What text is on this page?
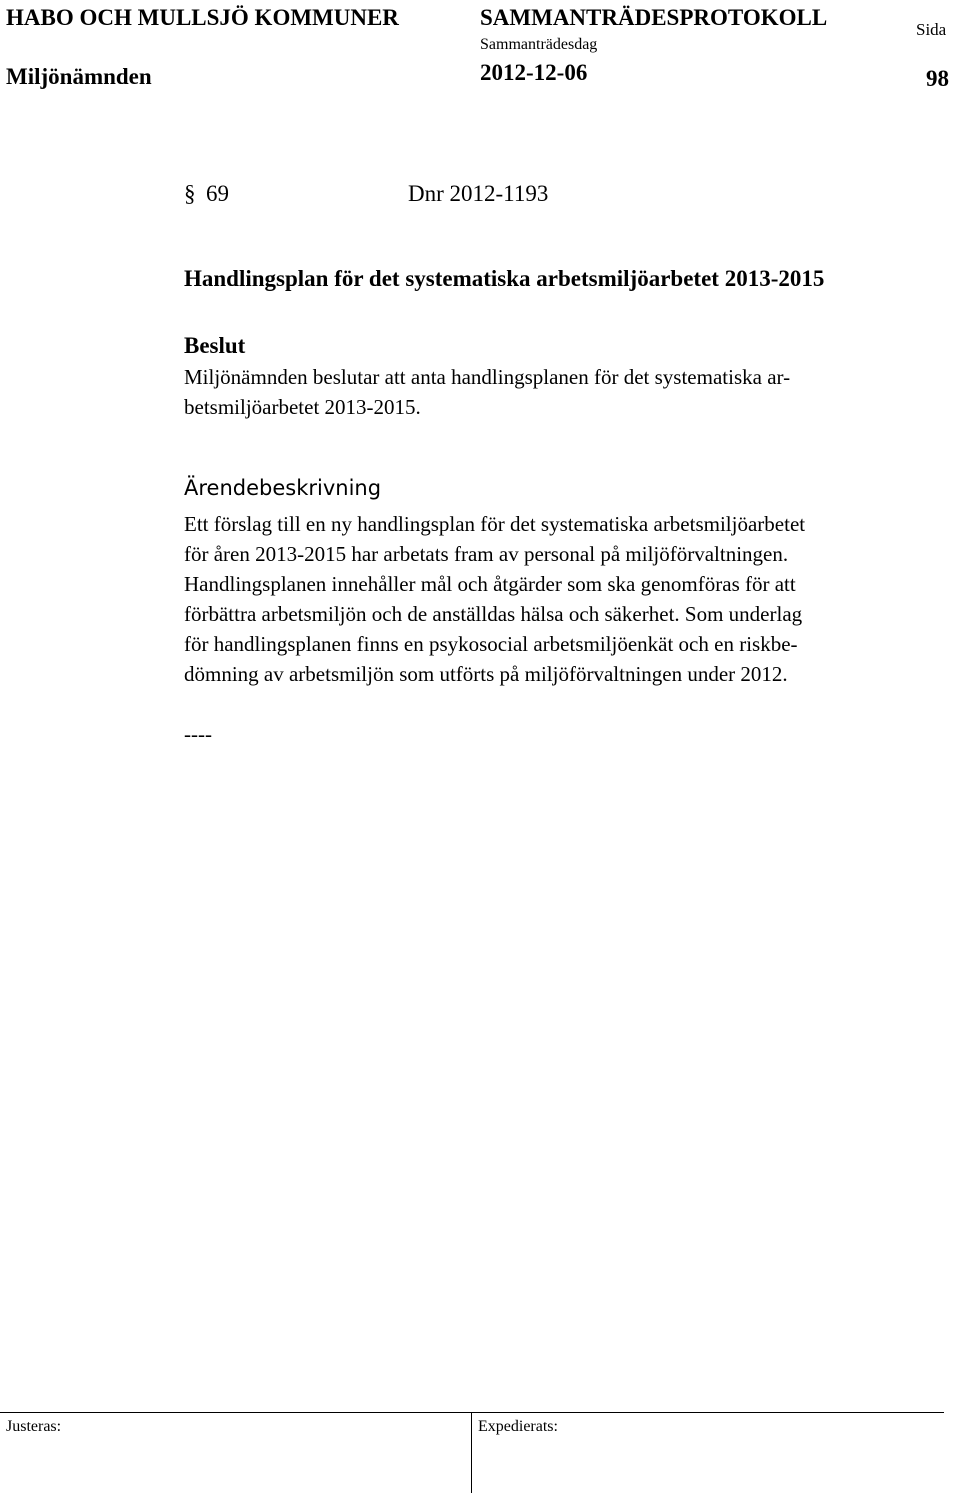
HABO OCH MULLSJÖ KOMMUNER	SAMMANTRÄDESPROTOKOLL	Sida
Miljönämnden
Sammanträdesdag
2012-12-06	98
§ 69	Dnr 2012-1193
Handlingsplan för det systematiska arbetsmiljöarbetet 2013-2015
Beslut
Miljönämnden beslutar att anta handlingsplanen för det systematiska ar-
betsmiljöarbetet 2013-2015.
Ärendebeskrivning
Ett förslag till en ny handlingsplan för det systematiska arbetsmiljöarbetet
för åren 2013-2015 har arbetats fram av personal på miljöförvaltningen.
Handlingsplanen innehåller mål och åtgärder som ska genomföras för att
förbättra arbetsmiljön och de anställdas hälsa och säkerhet. Som underlag
för handlingsplanen finns en psykosocial arbetsmiljöenkät och en riskbe-
dömning av arbetsmiljön som utförts på miljöförvaltningen under 2012.
----
Justeras:	Expedierats:
